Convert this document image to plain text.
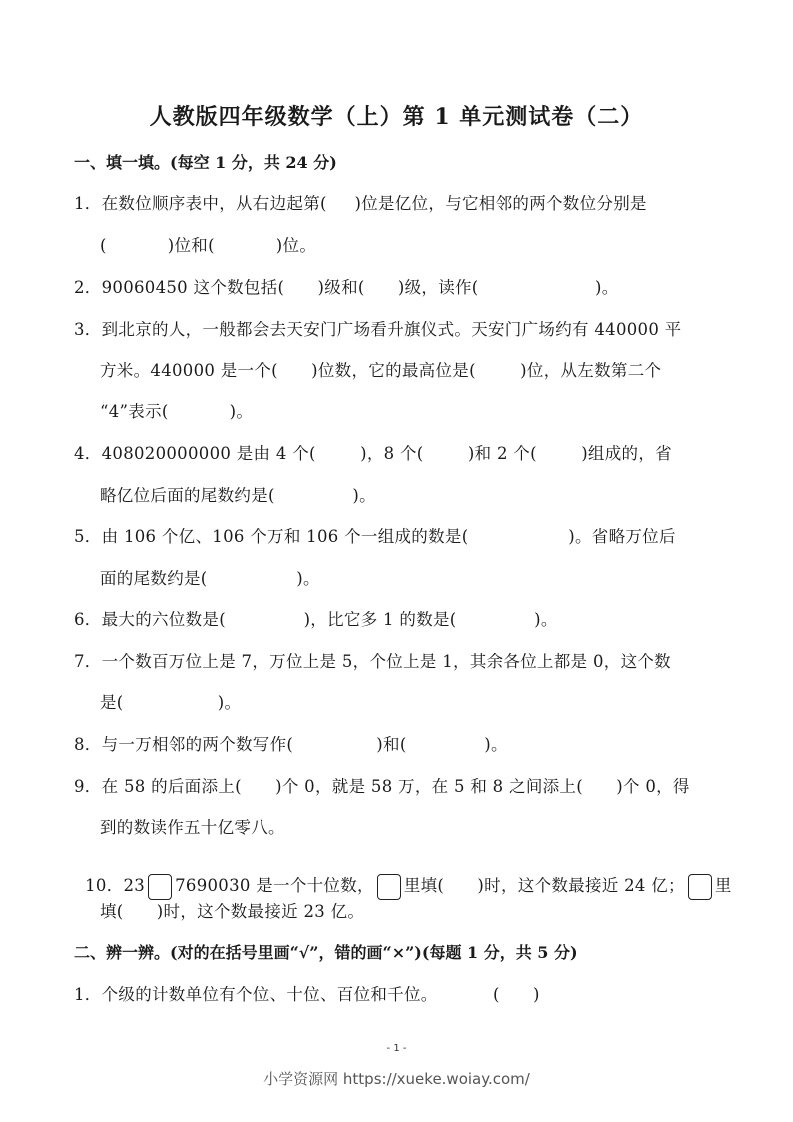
人教版四年级数学（上）第 1 单元测试卷（二）
一、填一填。(每空 1 分，共 24 分)
1．在数位顺序表中，从右边起第(     )位是亿位，与它相邻的两个数位分别是
(           )位和(           )位。
2．90060450 这个数包括(      )级和(      )级，读作(                     )。
3．到北京的人，一般都会去天安门广场看升旗仪式。天安门广场约有 440000 平
方米。440000 是一个(      )位数，它的最高位是(        )位，从左数第二个
“4”表示(           )。
4．408020000000 是由 4 个(        )，8 个(        )和 2 个(        )组成的，省
略亿位后面的尾数约是(              )。
5．由 106 个亿、106 个万和 106 个一组成的数是(                  )。省略万位后
面的尾数约是(                )。
6．最大的六位数是(              )，比它多 1 的数是(              )。
7．一个数百万位上是 7，万位上是 5，个位上是 1，其余各位上都是 0，这个数
是(                 )。
8．与一万相邻的两个数写作(               )和(              )。
9．在 58 的后面添上(      )个 0，就是 58 万，在 5 和 8 之间添上(      )个 0，得
到的数读作五十亿零八。

10．23 7690030 是一个十位数， 里填(      )时，这个数最接近 24 亿； 里

填(      )时，这个数最接近 23 亿。
二、辨一辨。(对的在括号里画“√”，错的画“×”)(每题 1 分，共 5 分)
1．个级的计数单位有个位、十位、百位和千位。          (      )
- 1 -
小学资源网 https://xueke.woiay.com/
